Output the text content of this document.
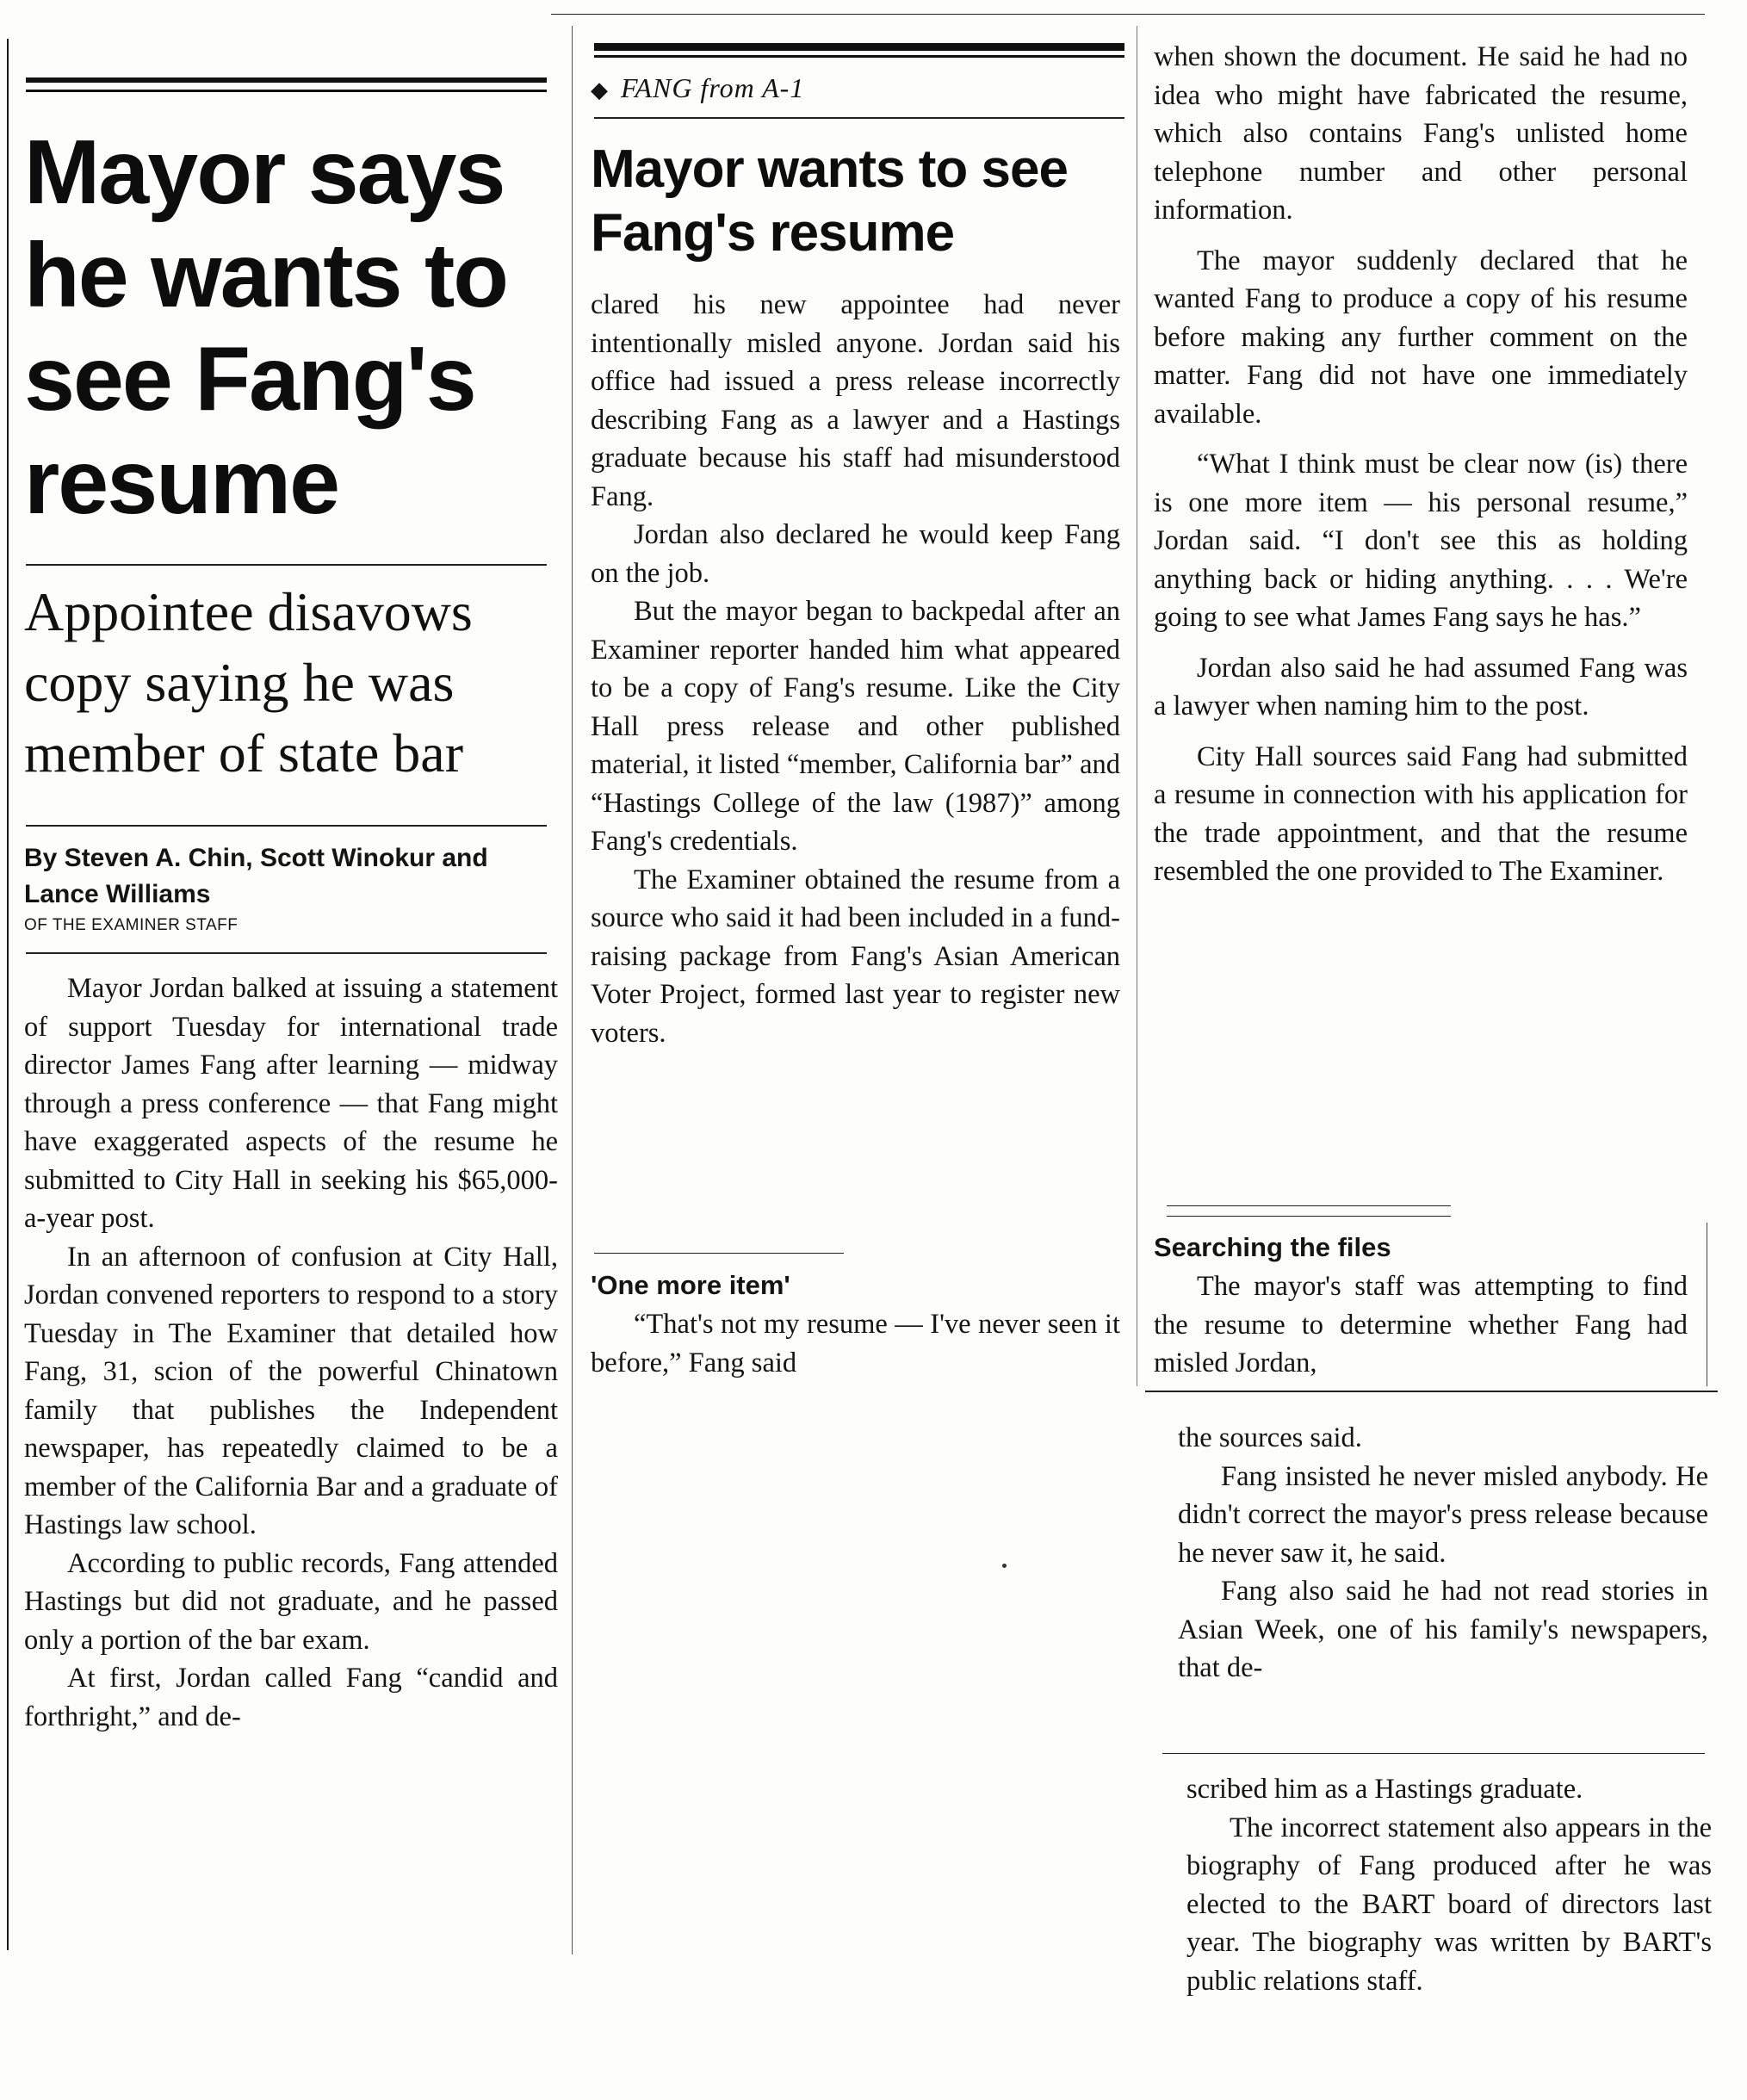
Mayor says he wants to see Fang's resume
Appointee disavows copy saying he was member of state bar
By Steven A. Chin, Scott Winokur and Lance Williams
OF THE EXAMINER STAFF

Mayor Jordan balked at issuing a statement of support Tuesday for international trade director James Fang after learning — midway through a press conference — that Fang might have exaggerated aspects of the resume he submitted to City Hall in seeking his $65,000-a-year post.

In an afternoon of confusion at City Hall, Jordan convened reporters to respond to a story Tuesday in The Examiner that detailed how Fang, 31, scion of the powerful Chinatown family that publishes the Independent newspaper, has repeatedly claimed to be a member of the California Bar and a graduate of Hastings law school.

According to public records, Fang attended Hastings but did not graduate, and he passed only a portion of the bar exam.

At first, Jordan called Fang “candid and forthright,” and de-

◆ FANG from A-1
Mayor wants to see Fang's resume

clared his new appointee had never intentionally misled anyone. Jordan said his office had issued a press release incorrectly describing Fang as a lawyer and a Hastings graduate because his staff had misunderstood Fang.

Jordan also declared he would keep Fang on the job.

But the mayor began to backpedal after an Examiner reporter handed him what appeared to be a copy of Fang's resume. Like the City Hall press release and other published material, it listed “member, California bar” and “Hastings College of the law (1987)” among Fang's credentials.

The Examiner obtained the resume from a source who said it had been included in a fund-raising package from Fang's Asian American Voter Project, formed last year to register new voters.

'One more item'

“That's not my resume — I've never seen it before,” Fang said

when shown the document. He said he had no idea who might have fabricated the resume, which also contains Fang's unlisted home telephone number and other personal information.

The mayor suddenly declared that he wanted Fang to produce a copy of his resume before making any further comment on the matter. Fang did not have one immediately available.

“What I think must be clear now (is) there is one more item — his personal resume,” Jordan said. “I don't see this as holding anything back or hiding anything. . . . We're going to see what James Fang says he has.”

Jordan also said he had assumed Fang was a lawyer when naming him to the post.

City Hall sources said Fang had submitted a resume in connection with his application for the trade appointment, and that the resume resembled the one provided to The Examiner.

Searching the files

The mayor's staff was attempting to find the resume to determine whether Fang had misled Jordan,

the sources said.

Fang insisted he never misled anybody. He didn't correct the mayor's press release because he never saw it, he said.

Fang also said he had not read stories in Asian Week, one of his family's newspapers, that de-

scribed him as a Hastings graduate.

The incorrect statement also appears in the biography of Fang produced after he was elected to the BART board of directors last year. The biography was written by BART's public relations staff.
